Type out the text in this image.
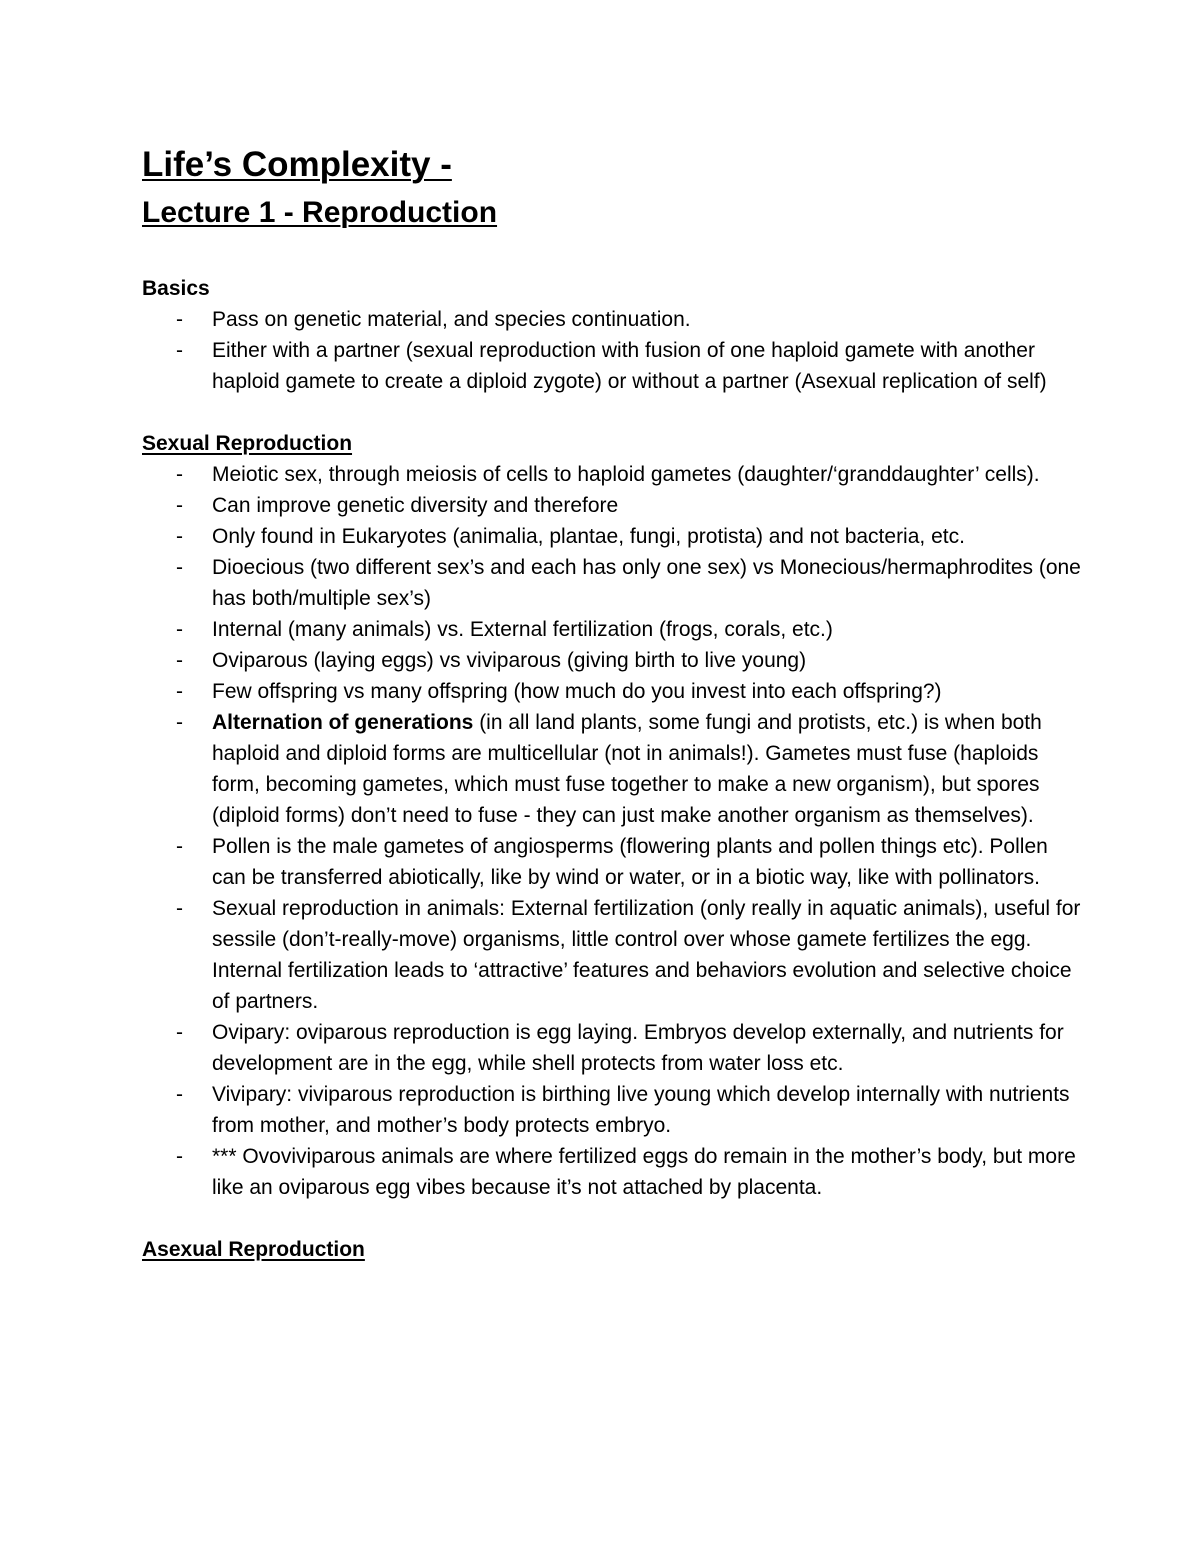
Life’s Complexity -
Lecture 1 - Reproduction
Basics
- Pass on genetic material, and species continuation.
- Either with a partner (sexual reproduction with fusion of one haploid gamete with another haploid gamete to create a diploid zygote) or without a partner (Asexual replication of self)
Sexual Reproduction
- Meiotic sex, through meiosis of cells to haploid gametes (daughter/‘granddaughter’ cells).
- Can improve genetic diversity and therefore
- Only found in Eukaryotes (animalia, plantae, fungi, protista) and not bacteria, etc.
- Dioecious (two different sex’s and each has only one sex) vs Monecious/hermaphrodites (one has both/multiple sex’s)
- Internal (many animals) vs. External fertilization (frogs, corals, etc.)
- Oviparous (laying eggs) vs viviparous (giving birth to live young)
- Few offspring vs many offspring (how much do you invest into each offspring?)
- Alternation of generations (in all land plants, some fungi and protists, etc.) is when both haploid and diploid forms are multicellular (not in animals!). Gametes must fuse (haploids form, becoming gametes, which must fuse together to make a new organism), but spores (diploid forms) don’t need to fuse - they can just make another organism as themselves).
- Pollen is the male gametes of angiosperms (flowering plants and pollen things etc). Pollen can be transferred abiotically, like by wind or water, or in a biotic way, like with pollinators.
- Sexual reproduction in animals: External fertilization (only really in aquatic animals), useful for sessile (don’t-really-move) organisms, little control over whose gamete fertilizes the egg. Internal fertilization leads to ‘attractive’ features and behaviors evolution and selective choice of partners.
- Ovipary: oviparous reproduction is egg laying. Embryos develop externally, and nutrients for development are in the egg, while shell protects from water loss etc.
- Vivipary: viviparous reproduction is birthing live young which develop internally with nutrients from mother, and mother’s body protects embryo.
- *** Ovoviviparous animals are where fertilized eggs do remain in the mother’s body, but more like an oviparous egg vibes because it’s not attached by placenta.
Asexual Reproduction
